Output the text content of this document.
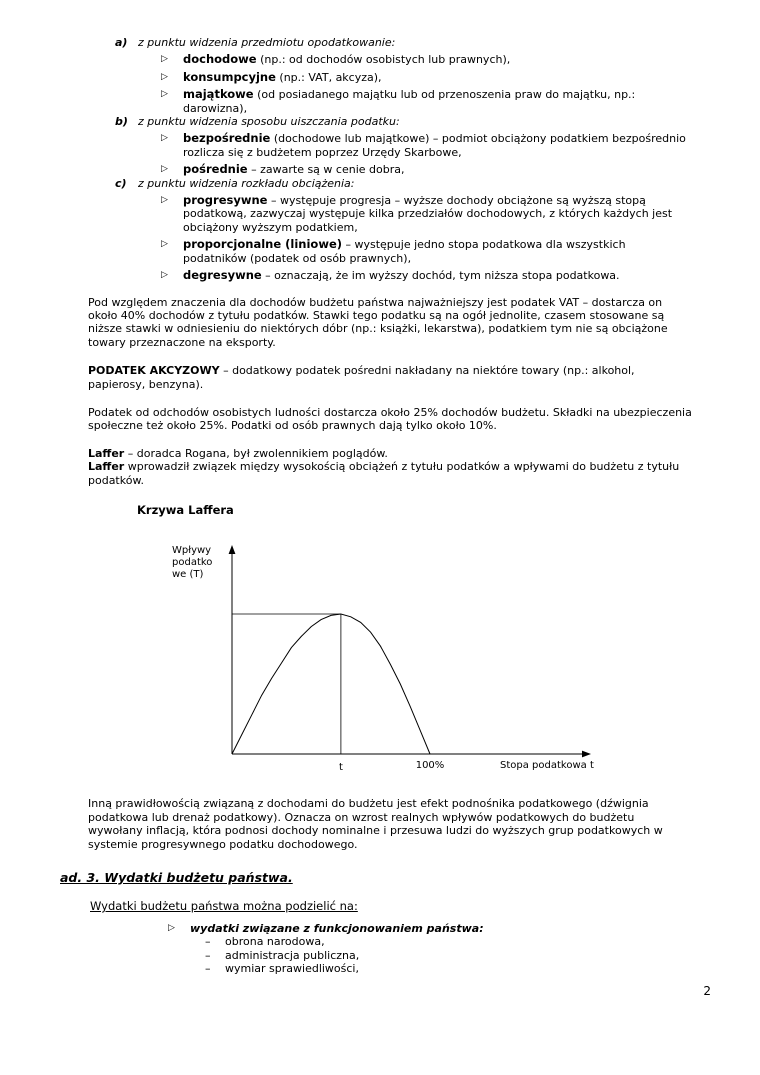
a) z punktu widzenia przedmiotu opodatkowanie:
▷ dochodowe (np.: od dochodów osobistych lub prawnych),
▷ konsumpcyjne (np.: VAT, akcyza),
▷ majątkowe (od posiadanego majątku lub od przenoszenia praw do majątku, np.: darowizna),
b) z punktu widzenia sposobu uiszczania podatku:
▷ bezpośrednie (dochodowe lub majątkowe) – podmiot obciążony podatkiem bezpośrednio rozlicza się z budżetem poprzez Urzędy Skarbowe,
▷ pośrednie – zawarte są w cenie dobra,
c) z punktu widzenia rozkładu obciążenia:
▷ progresywne – występuje progresja – wyższe dochody obciążone są wyższą stopą podatkową, zazwyczaj występuje kilka przedziałów dochodowych, z których każdych jest obciążony wyższym podatkiem,
▷ proporcjonalne (liniowe) – występuje jedno stopa podatkowa dla wszystkich podatników (podatek od osób prawnych),
▷ degresywne – oznaczają, że im wyższy dochód, tym niższa stopa podatkowa.

Pod względem znaczenia dla dochodów budżetu państwa najważniejszy jest podatek VAT – dostarcza on około 40% dochodów z tytułu podatków. Stawki tego podatku są na ogół jednolite, czasem stosowane są niższe stawki w odniesieniu do niektórych dóbr (np.: książki, lekarstwa), podatkiem tym nie są obciążone towary przeznaczone na eksporty.

PODATEK AKCYZOWY – dodatkowy podatek pośredni nakładany na niektóre towary (np.: alkohol, papierosy, benzyna).

Podatek od odchodów osobistych ludności dostarcza około 25% dochodów budżetu. Składki na ubezpieczenia społeczne też około 25%. Podatki od osób prawnych dają tylko około 10%.

Laffer – doradca Rogana, był zwolennikiem poglądów.

Laffer wprowadził związek między wysokością obciążeń z tytułu podatków a wpływami do budżetu z tytułu podatków.

Krzywa Laffera
Wpływy
podatko
we (T)
t	100%	Stopa podatkowa t

Inną prawidłowością związaną z dochodami do budżetu jest efekt podnośnika podatkowego (dźwignia podatkowa lub drenaż podatkowy). Oznacza on wzrost realnych wpływów podatkowych do budżetu wywołany inflacją, która podnosi dochody nominalne i przesuwa ludzi do wyższych grup podatkowych w systemie progresywnego podatku dochodowego.

ad. 3. Wydatki budżetu państwa.
Wydatki budżetu państwa można podzielić na:
▷ wydatki związane z funkcjonowaniem państwa:
– obrona narodowa,
– administracja publiczna,
– wymiar sprawiedliwości,
2
